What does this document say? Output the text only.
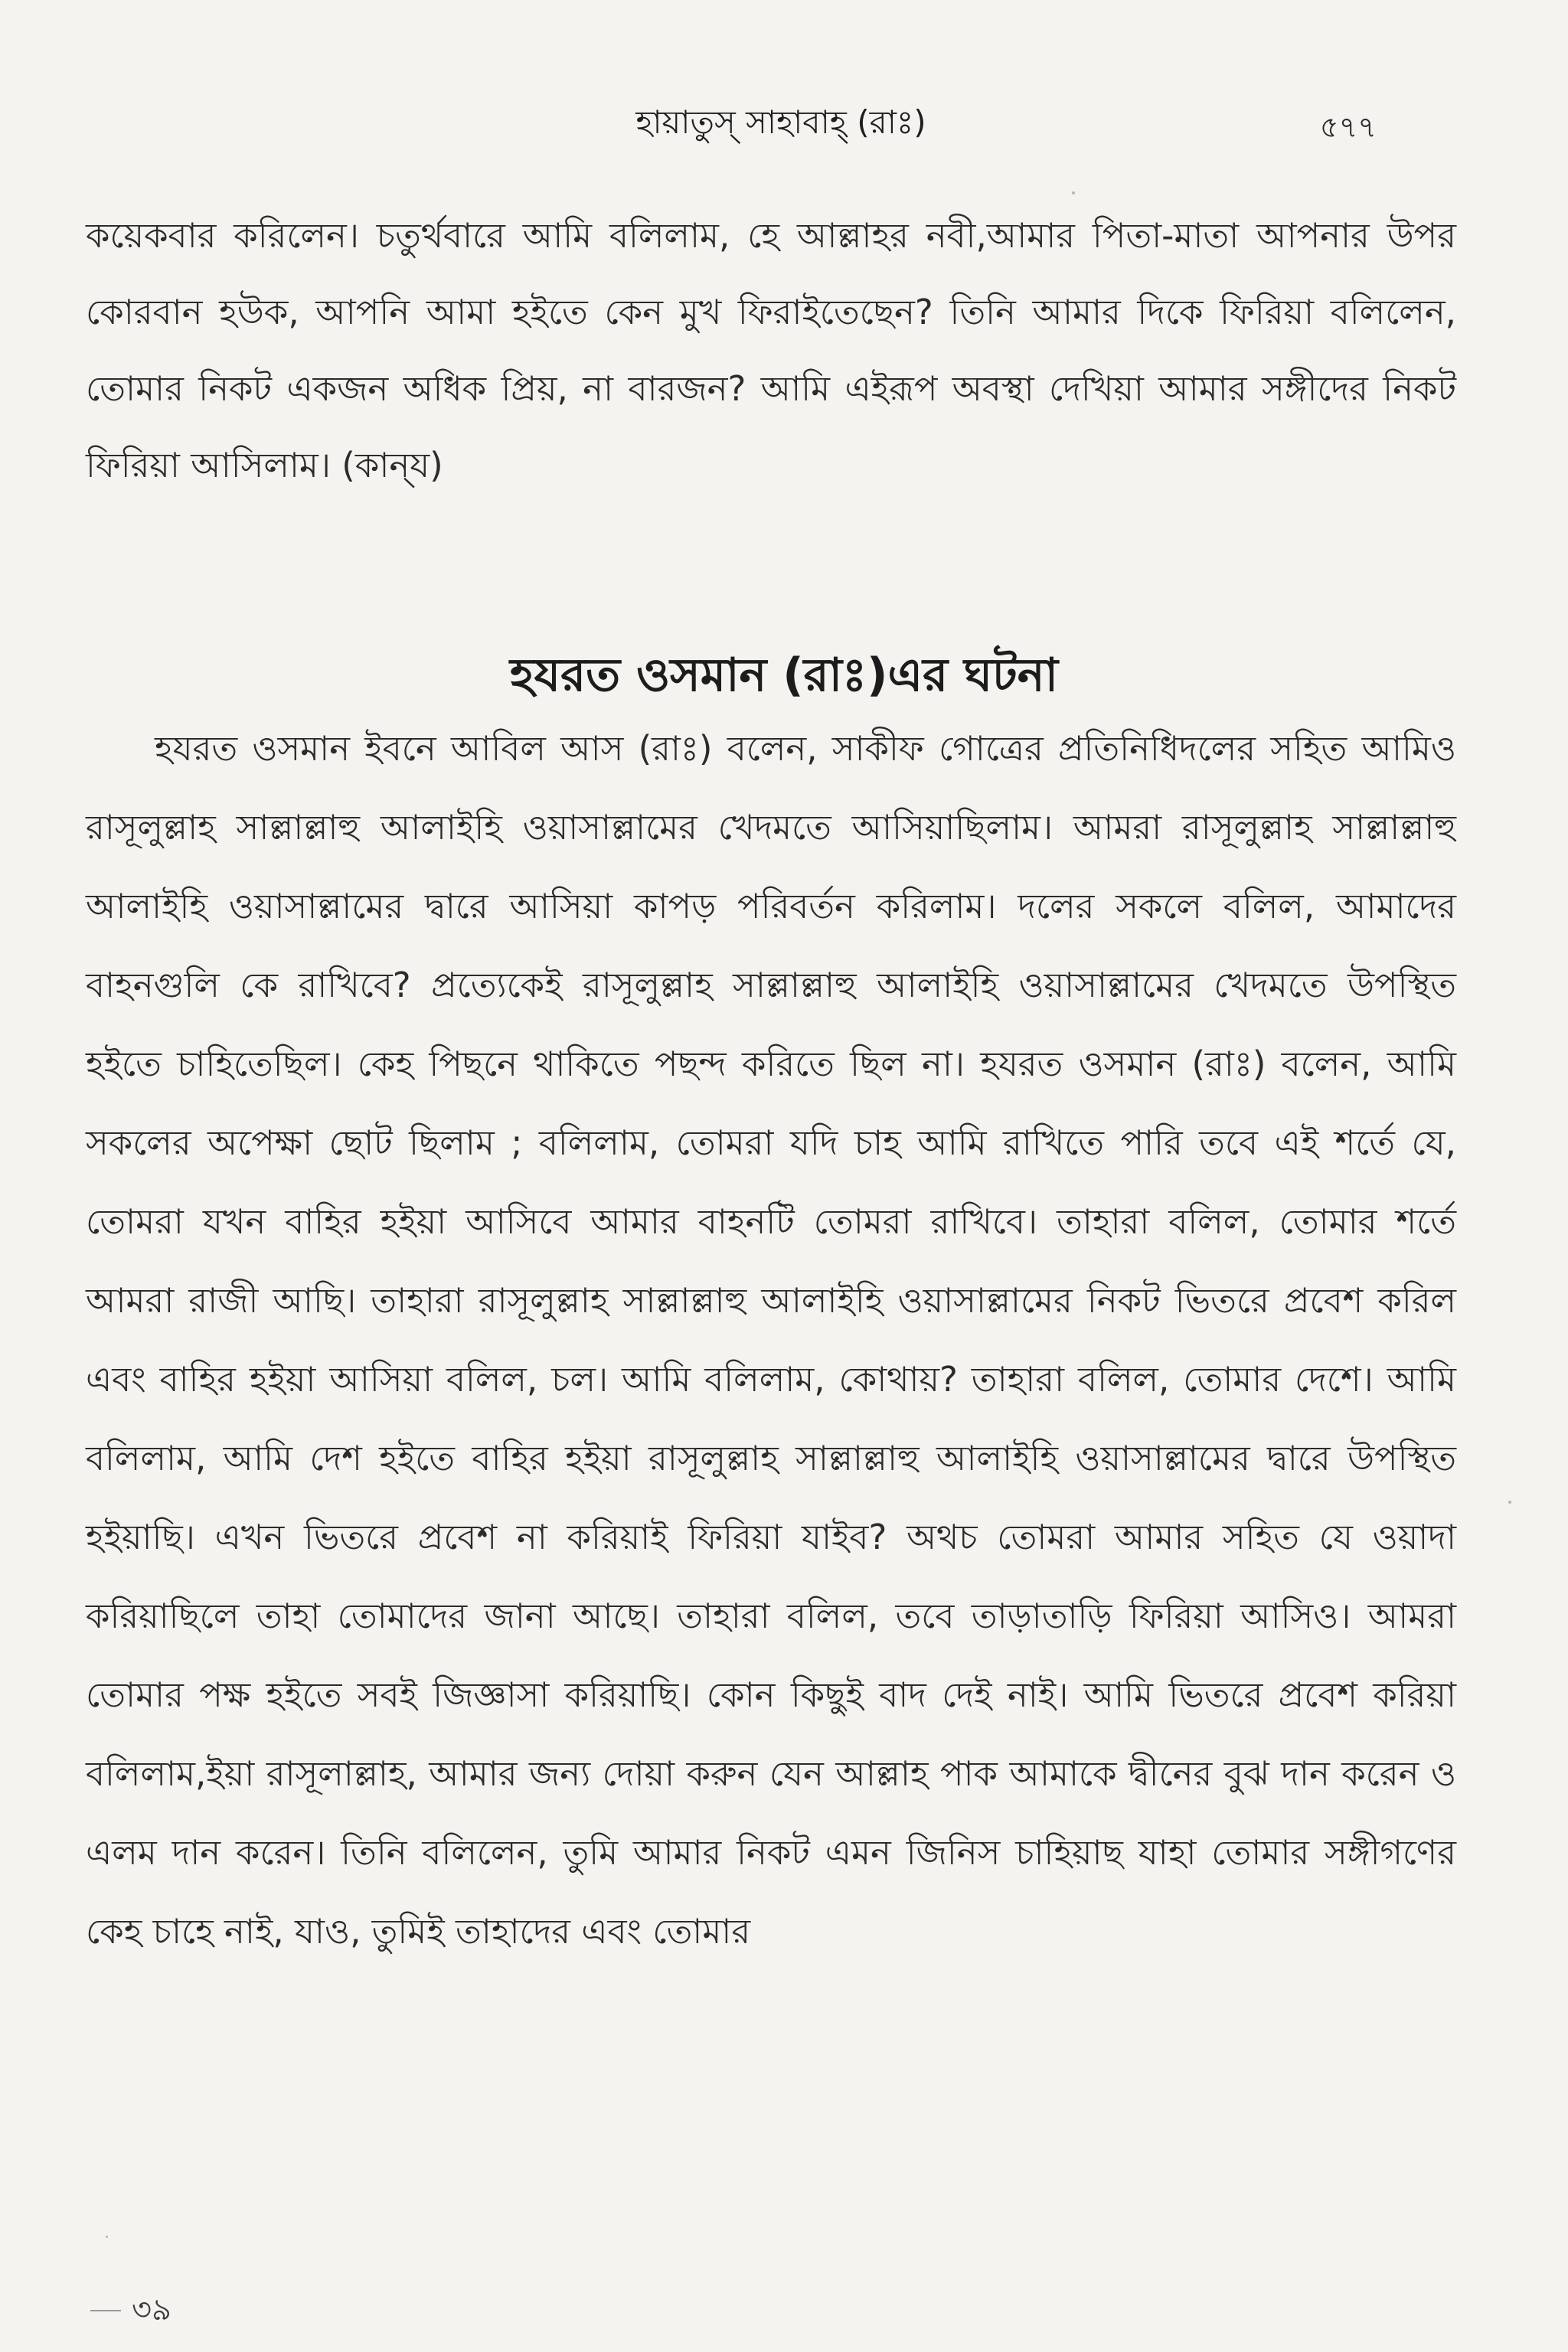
হায়াতুস্‌ সাহাবাহ্‌ (রাঃ)	৫৭৭

কয়েকবার করিলেন। চতুর্থবারে আমি বলিলাম, হে আল্লাহর নবী,আমার পিতা-মাতা আপনার উপর কোরবান হউক, আপনি আমা হইতে কেন মুখ ফিরাইতেছেন? তিনি আমার দিকে ফিরিয়া বলিলেন, তোমার নিকট একজন অধিক প্রিয়, না বারজন? আমি এইরূপ অবস্থা দেখিয়া আমার সঙ্গীদের নিকট ফিরিয়া আসিলাম। (কান্‌য)

হযরত ওসমান (রাঃ)এর ঘটনা

হযরত ওসমান ইবনে আবিল আস (রাঃ) বলেন, সাকীফ গোত্রের প্রতিনিধিদলের সহিত আমিও রাসূলুল্লাহ সাল্লাল্লাহু আলাইহি ওয়াসাল্লামের খেদমতে আসিয়াছিলাম। আমরা রাসূলুল্লাহ সাল্লাল্লাহু আলাইহি ওয়াসাল্লামের দ্বারে আসিয়া কাপড় পরিবর্তন করিলাম। দলের সকলে বলিল, আমাদের বাহনগুলি কে রাখিবে? প্রত্যেকেই রাসূলুল্লাহ সাল্লাল্লাহু আলাইহি ওয়াসাল্লামের খেদমতে উপস্থিত হইতে চাহিতেছিল। কেহ পিছনে থাকিতে পছন্দ করিতে ছিল না। হযরত ওসমান (রাঃ) বলেন, আমি সকলের অপেক্ষা ছোট ছিলাম ; বলিলাম, তোমরা যদি চাহ আমি রাখিতে পারি তবে এই শর্তে যে, তোমরা যখন বাহির হইয়া আসিবে আমার বাহনটি তোমরা রাখিবে। তাহারা বলিল, তোমার শর্তে আমরা রাজী আছি। তাহারা রাসূলুল্লাহ সাল্লাল্লাহু আলাইহি ওয়াসাল্লামের নিকট ভিতরে প্রবেশ করিল এবং বাহির হইয়া আসিয়া বলিল, চল। আমি বলিলাম, কোথায়? তাহারা বলিল, তোমার দেশে। আমি বলিলাম, আমি দেশ হইতে বাহির হইয়া রাসূলুল্লাহ সাল্লাল্লাহু আলাইহি ওয়াসাল্লামের দ্বারে উপস্থিত হইয়াছি। এখন ভিতরে প্রবেশ না করিয়াই ফিরিয়া যাইব? অথচ তোমরা আমার সহিত যে ওয়াদা করিয়াছিলে তাহা তোমাদের জানা আছে। তাহারা বলিল, তবে তাড়াতাড়ি ফিরিয়া আসিও। আমরা তোমার পক্ষ হইতে সবই জিজ্ঞাসা করিয়াছি। কোন কিছুই বাদ দেই নাই। আমি ভিতরে প্রবেশ করিয়া বলিলাম,ইয়া রাসূলাল্লাহ, আমার জন্য দোয়া করুন যেন আল্লাহ পাক আমাকে দ্বীনের বুঝ দান করেন ও এলম দান করেন। তিনি বলিলেন, তুমি আমার নিকট এমন জিনিস চাহিয়াছ যাহা তোমার সঙ্গীগণের কেহ চাহে নাই, যাও, তুমিই তাহাদের এবং তোমার

৩৯
